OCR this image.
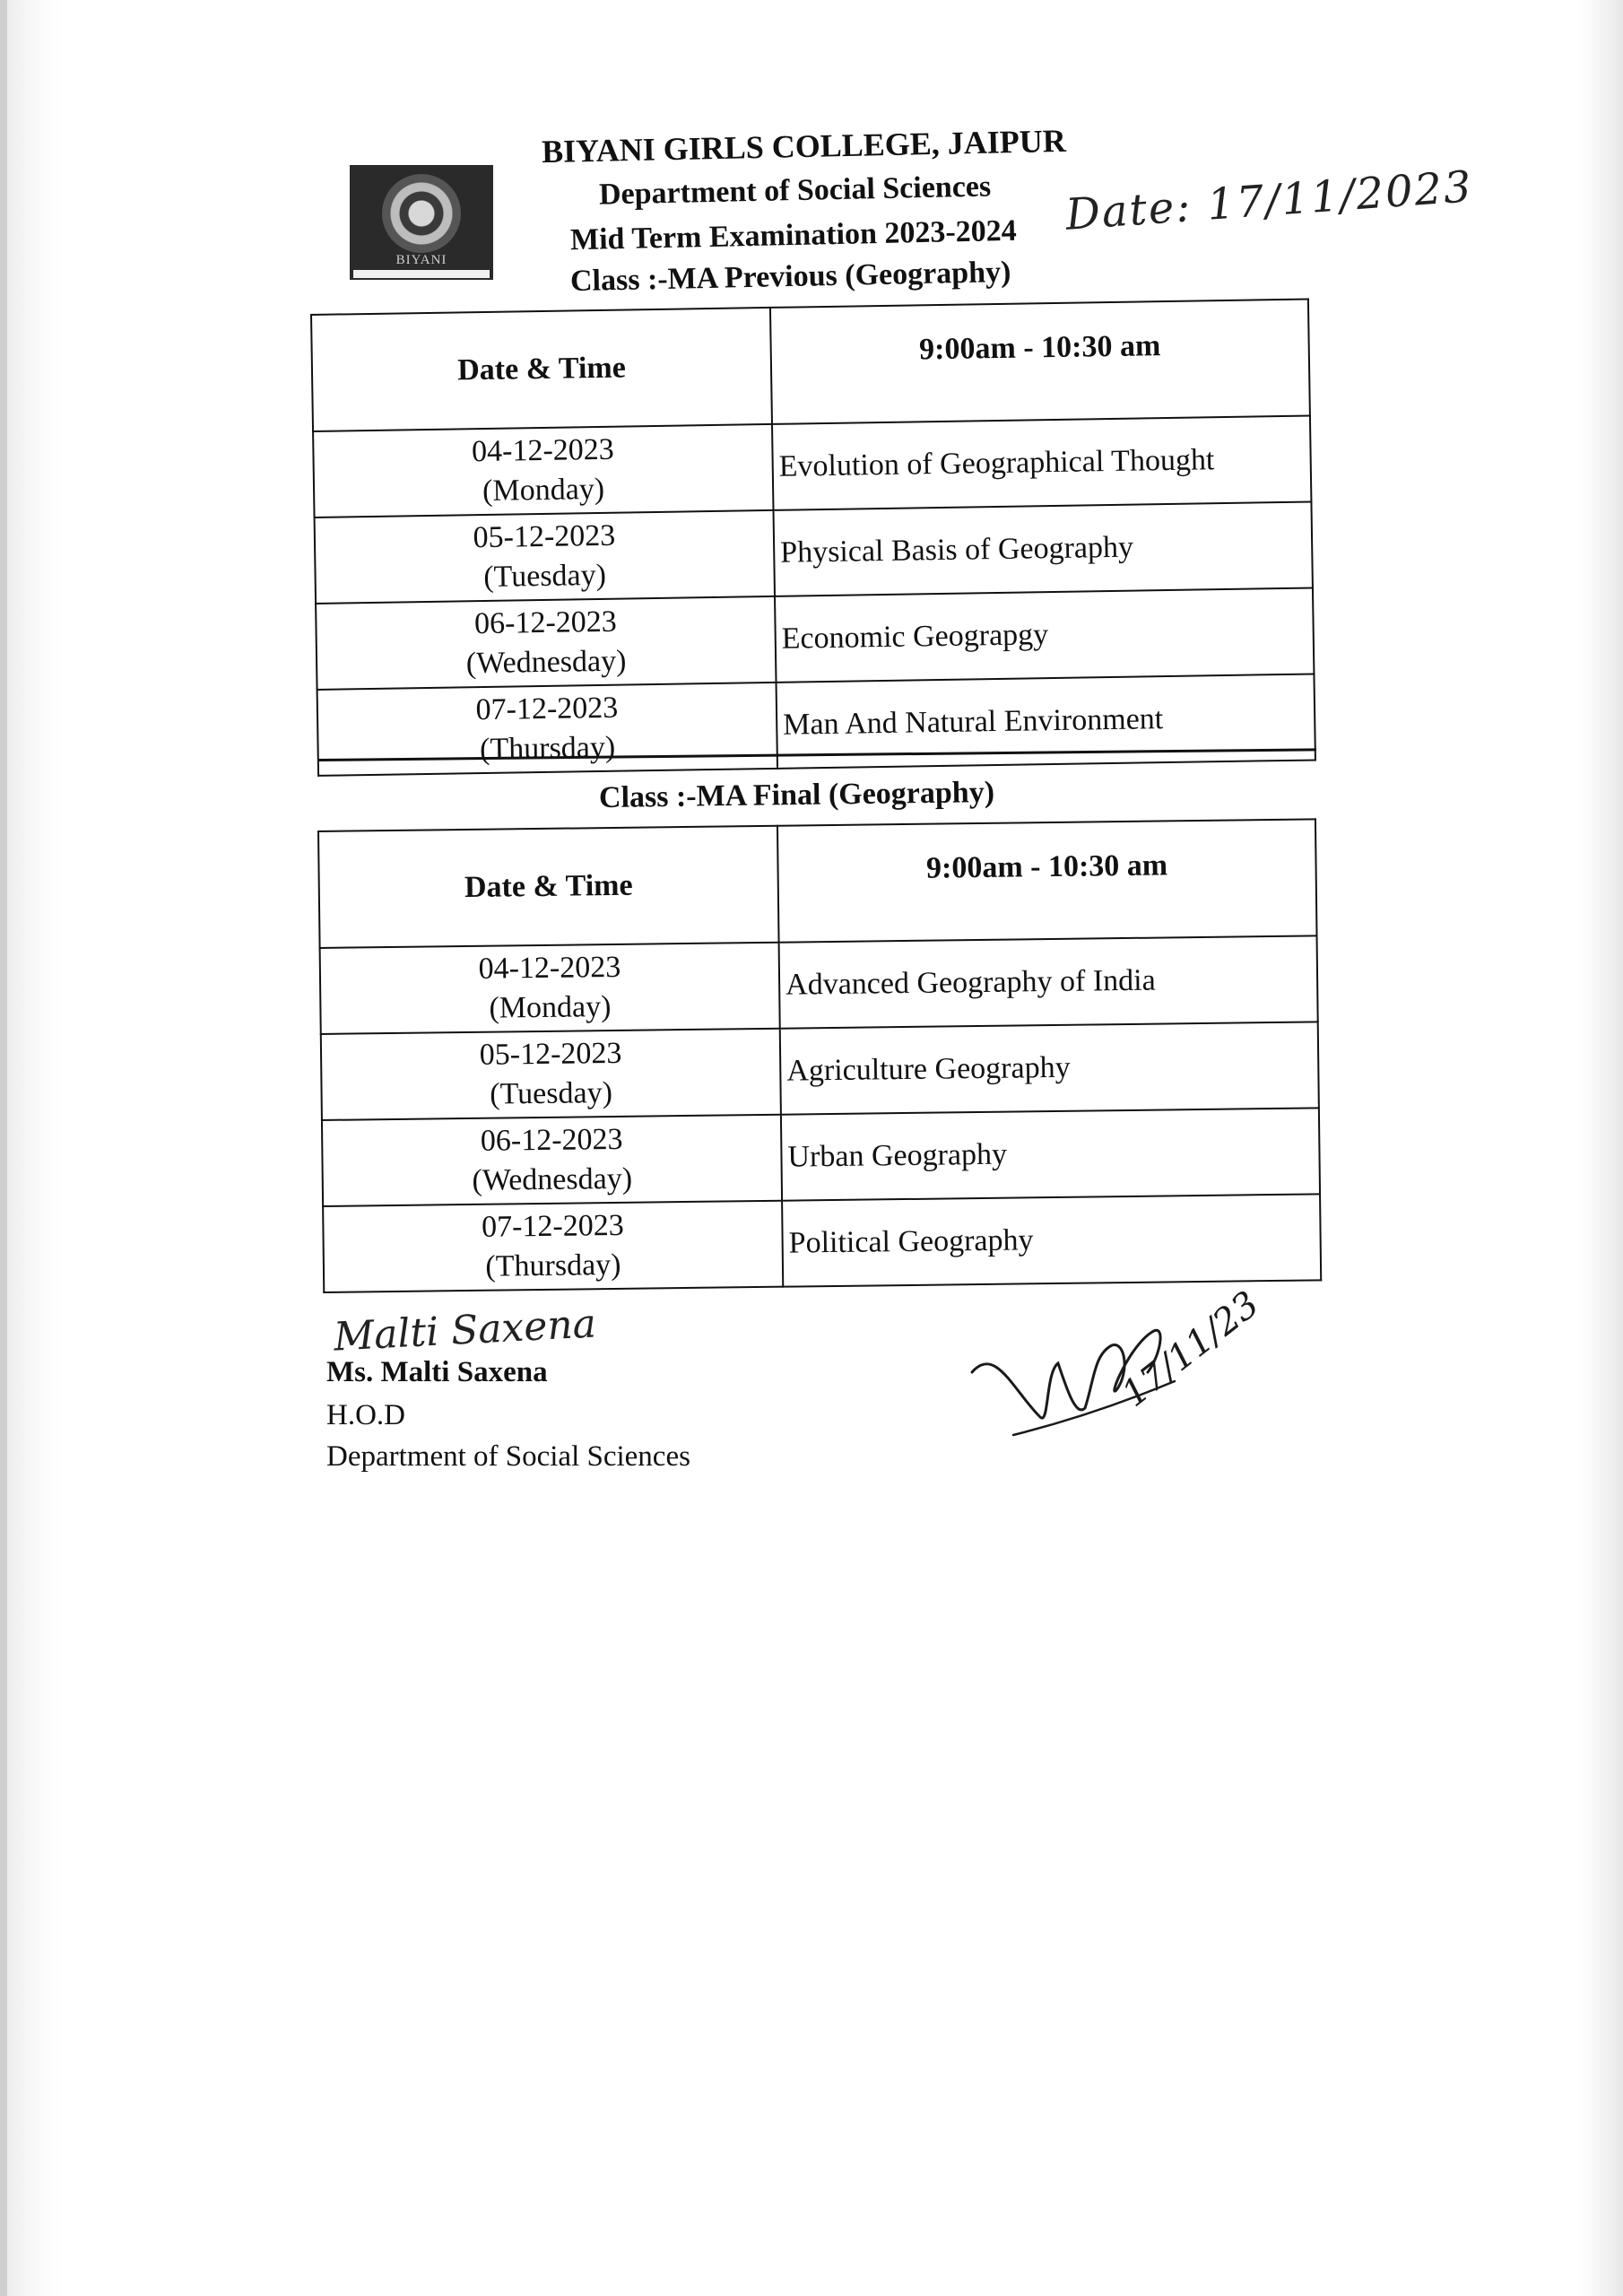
BIYANI
BIYANI GIRLS COLLEGE, JAIPUR
Department of Social Sciences
Mid Term Examination 2023-2024 Date: 17/11/2023
Class :-MA Previous (Geography)
Date & Time	9:00am - 10:30 am
04-12-2023
(Monday)	Evolution of Geographical Thought
05-12-2023
(Tuesday)	Physical Basis of Geography
06-12-2023
(Wednesday)	Economic Geograpgy
07-12-2023
(Thursday)	Man And Natural Environment
Class :-MA Final (Geography)
Date & Time	9:00am - 10:30 am
04-12-2023
(Monday)	Advanced Geography of India
05-12-2023
(Tuesday)	Agriculture Geography
06-12-2023
(Wednesday)	Urban Geography
07-12-2023
(Thursday)	Political Geography
Malti Saxena
Ms. Malti Saxena
H.O.D
Department of Social Sciences
17/11/23
